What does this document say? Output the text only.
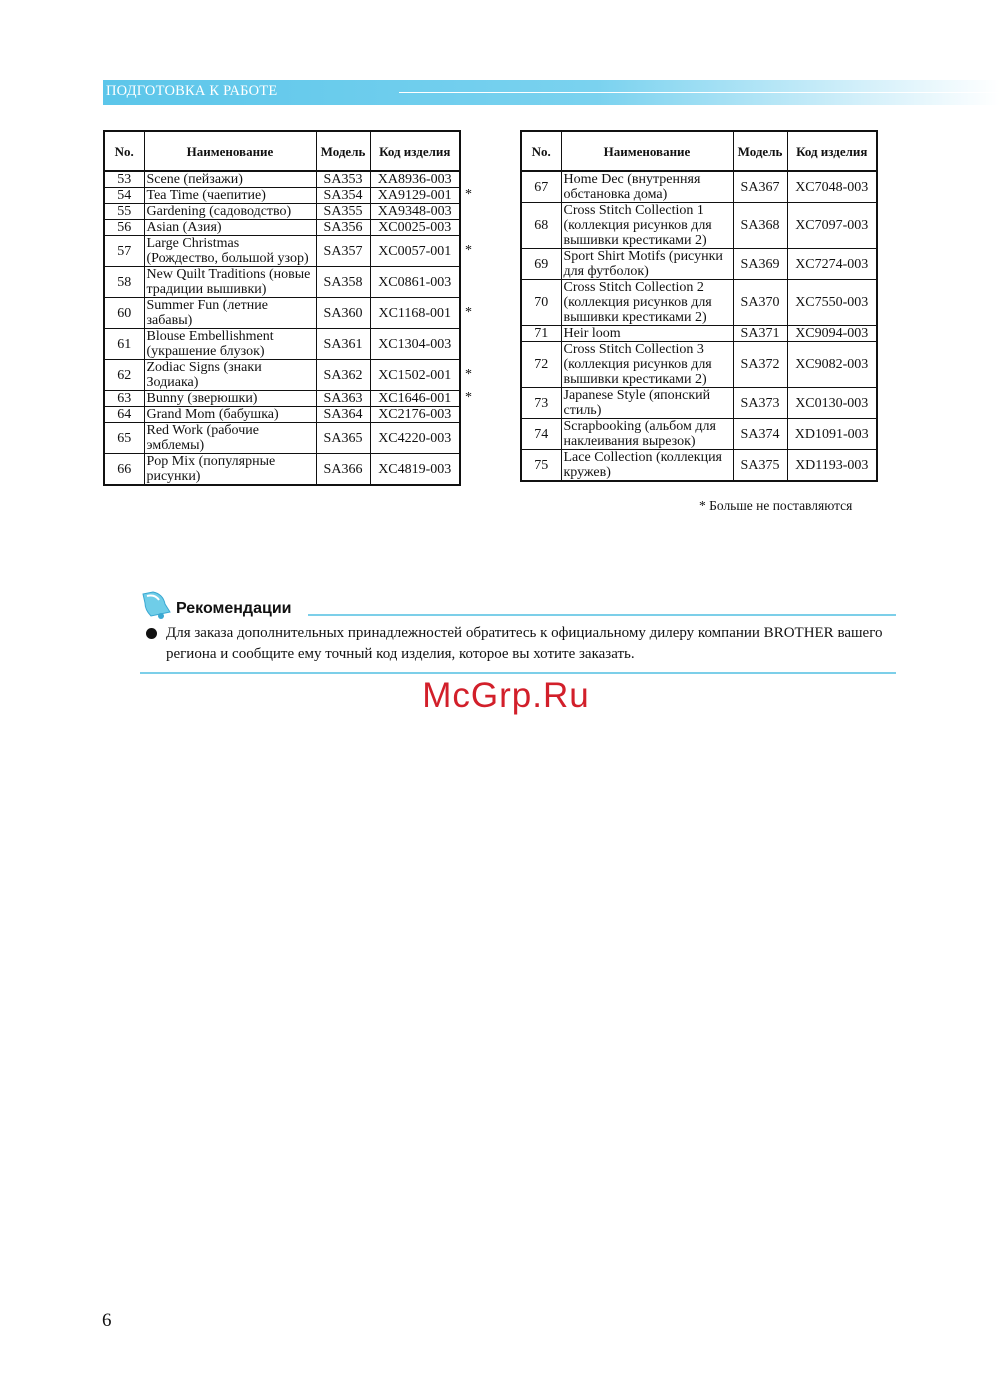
ПОДГОТОВКА К РАБОТЕ
No.	Наименование	Модель	Код изделия
53	Scene (пейзажи)	SA353	XA8936-003
54	Tea Time (чаепитие)	SA354	XA9129-001
55	Gardening (садоводство)	SA355	XA9348-003
56	Asian (Азия)	SA356	XC0025-003
57	Large Christmas (Рождество, большой узор)	SA357	XC0057-001
58	New Quilt Traditions (новые традиции вышивки)	SA358	XC0861-003
60	Summer Fun (летние забавы)	SA360	XC1168-001
61	Blouse Embellishment (украшение блузок)	SA361	XC1304-003
62	Zodiac Signs (знаки Зодиака)	SA362	XC1502-001
63	Bunny (зверюшки)	SA363	XC1646-001
64	Grand Mom (бабушка)	SA364	XC2176-003
65	Red Work (рабочие эмблемы)	SA365	XC4220-003
66	Pop Mix (популярные рисунки)	SA366	XC4819-003
No.	Наименование	Модель	Код изделия
67	Home Dec (внутренняя обстановка дома)	SA367	XC7048-003
68	Cross Stitch Collection 1 (коллекция рисунков для вышивки крестиками 2)	SA368	XC7097-003
69	Sport Shirt Motifs (рисунки для футболок)	SA369	XC7274-003
70	Cross Stitch Collection 2 (коллекция рисунков для вышивки крестиками 2)	SA370	XC7550-003
71	Heir loom	SA371	XC9094-003
72	Cross Stitch Collection 3 (коллекция рисунков для вышивки крестиками 2)	SA372	XC9082-003
73	Japanese Style (японский стиль)	SA373	XC0130-003
74	Scrapbooking (альбом для наклеивания вырезок)	SA374	XD1091-003
75	Lace Collection (коллекция кружев)	SA375	XD1193-003
*
*
*
*
*
* Больше не поставляются
Рекомендации
Для заказа дополнительных принадлежностей обратитесь к официальному дилеру компании BROTHER вашего региона и сообщите ему точный код изделия, которое вы хотите заказать.
McGrp.Ru
6
